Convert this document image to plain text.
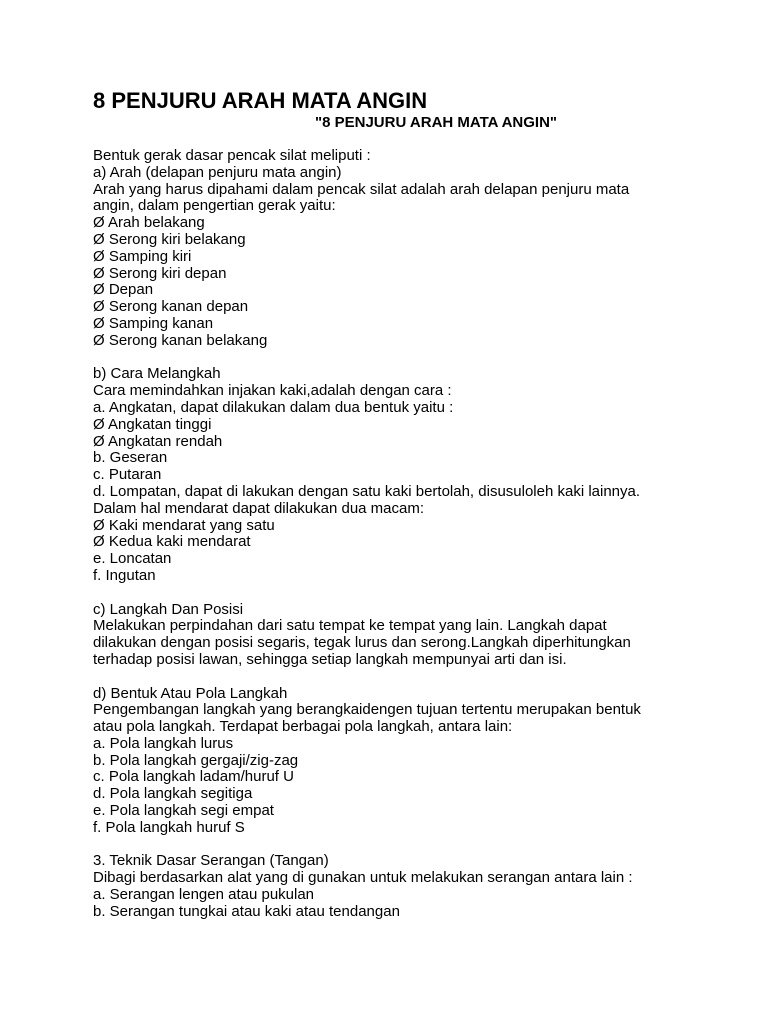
8 PENJURU ARAH MATA ANGIN

"8 PENJURU ARAH MATA ANGIN"

Bentuk gerak dasar pencak silat meliputi :
a) Arah (delapan penjuru mata angin)
Arah yang harus dipahami dalam pencak silat adalah arah delapan penjuru mata
angin, dalam pengertian gerak yaitu:
Ø Arah belakang
Ø Serong kiri belakang
Ø Samping kiri
Ø Serong kiri depan
Ø Depan
Ø Serong kanan depan
Ø Samping kanan
Ø Serong kanan belakang
b) Cara Melangkah
Cara memindahkan injakan kaki,adalah dengan cara :
a. Angkatan, dapat dilakukan dalam dua bentuk yaitu :
Ø Angkatan tinggi
Ø Angkatan rendah
b. Geseran
c. Putaran
d. Lompatan, dapat di lakukan dengan satu kaki bertolah, disusuloleh kaki lainnya.
Dalam hal mendarat dapat dilakukan dua macam:
Ø Kaki mendarat yang satu
Ø Kedua kaki mendarat
e. Loncatan
f. Ingutan
c) Langkah Dan Posisi
Melakukan perpindahan dari satu tempat ke tempat yang lain. Langkah dapat
dilakukan dengan posisi segaris, tegak lurus dan serong.Langkah diperhitungkan
terhadap posisi lawan, sehingga setiap langkah mempunyai arti dan isi.
d) Bentuk Atau Pola Langkah
Pengembangan langkah yang berangkaidengen tujuan tertentu merupakan bentuk
atau pola langkah. Terdapat berbagai pola langkah, antara lain:
a. Pola langkah lurus
b. Pola langkah gergaji/zig-zag
c. Pola langkah ladam/huruf U
d. Pola langkah segitiga
e. Pola langkah segi empat
f. Pola langkah huruf S
3. Teknik Dasar Serangan (Tangan)
Dibagi berdasarkan alat yang di gunakan untuk melakukan serangan antara lain :
a. Serangan lengen atau pukulan
b. Serangan tungkai atau kaki atau tendangan
